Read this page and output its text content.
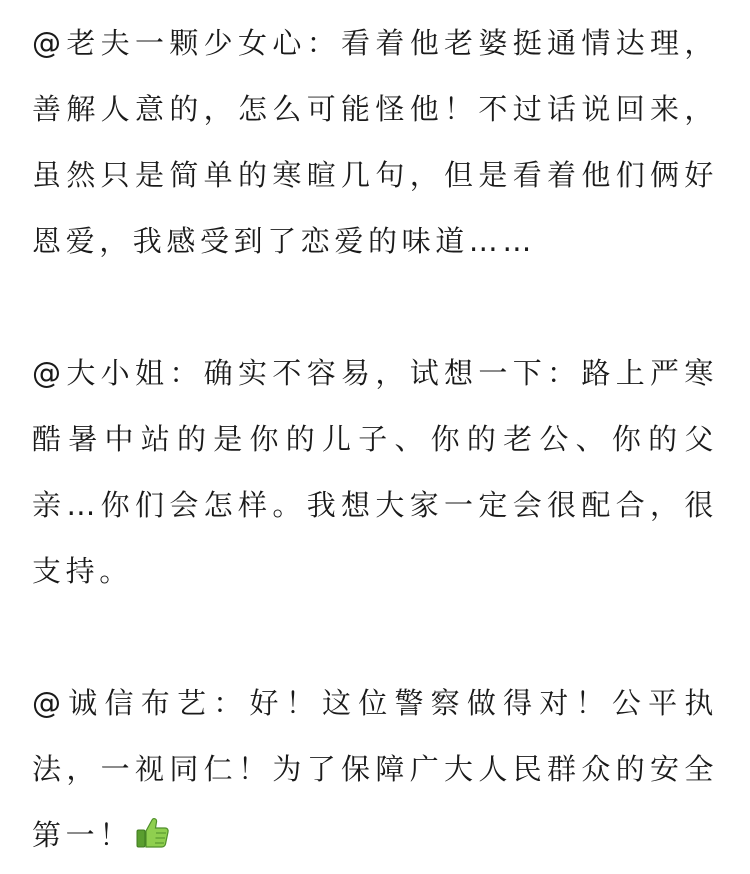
@老夫一颗少女心：看着他老婆挺通情达理，善解人意的，怎么可能怪他！不过话说回来，虽然只是简单的寒暄几句，但是看着他们俩好恩爱，我感受到了恋爱的味道……

@大小姐：确实不容易，试想一下：路上严寒酷暑中站的是你的儿子、你的老公、你的父亲…你们会怎样。我想大家一定会很配合，很支持。

@诚信布艺：好！这位警察做得对！公平执法，一视同仁！为了保障广大人民群众的安全第一！
